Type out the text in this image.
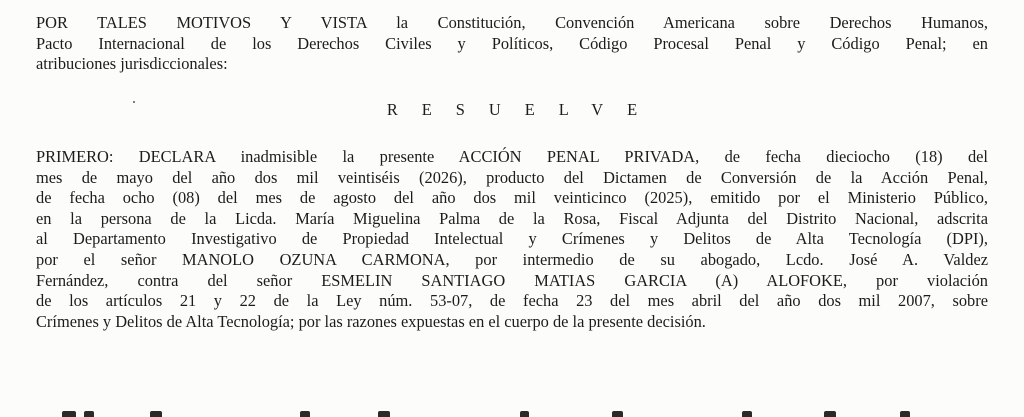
POR TALES MOTIVOS Y VISTA la Constitución, Convención Americana sobre Derechos Humanos,
Pacto Internacional de los Derechos Civiles y Políticos, Código Procesal Penal y Código Penal; en
atribuciones jurisdiccionales:
RESUELVE
PRIMERO: DECLARA inadmisible la presente ACCIÓN PENAL PRIVADA, de fecha dieciocho (18) del
mes de mayo del año dos mil veintiséis (2026), producto del Dictamen de Conversión de la Acción Penal,
de fecha ocho (08) del mes de agosto del año dos mil veinticinco (2025), emitido por el Ministerio Público,
en la persona de la Licda. María Miguelina Palma de la Rosa, Fiscal Adjunta del Distrito Nacional, adscrita
al Departamento Investigativo de Propiedad Intelectual y Crímenes y Delitos de Alta Tecnología (DPI),
por el señor MANOLO OZUNA CARMONA, por intermedio de su abogado, Lcdo. José A. Valdez
Fernández, contra del señor ESMELIN SANTIAGO MATIAS GARCIA (A) ALOFOKE, por violación
de los artículos 21 y 22 de la Ley núm. 53-07, de fecha 23 del mes abril del año dos mil 2007, sobre
Crímenes y Delitos de Alta Tecnología; por las razones expuestas en el cuerpo de la presente decisión.
